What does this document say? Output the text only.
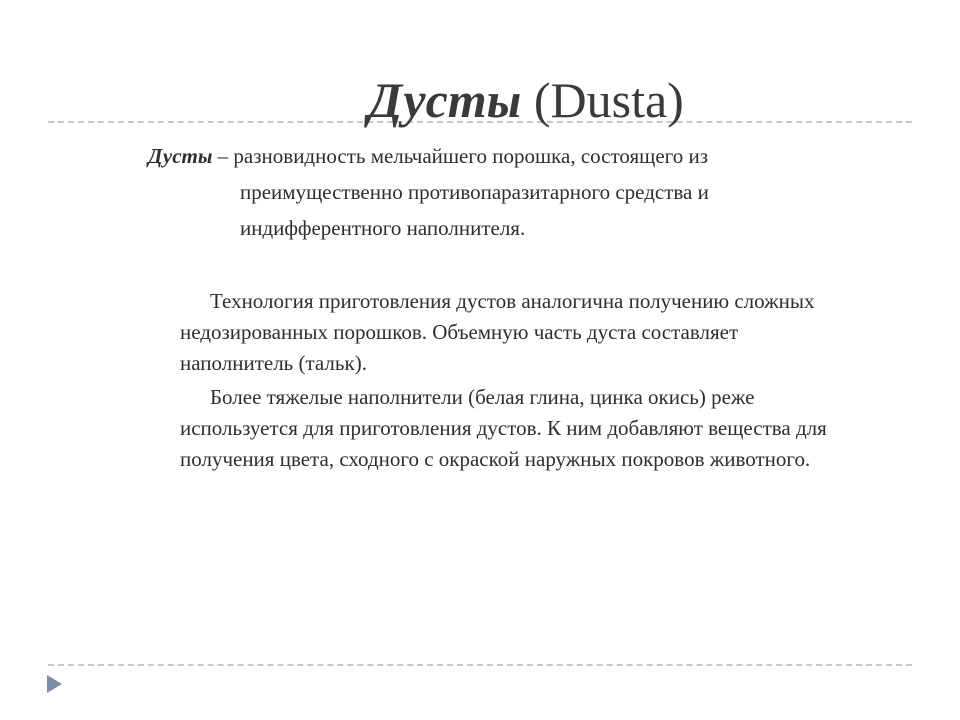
Дусты (Dusta)
Дусты – разновидность мельчайшего порошка, состоящего из
преимущественно противопаразитарного средства и
индифферентного наполнителя.
Технология приготовления дустов аналогична получению сложных
недозированных порошков. Объемную часть дуста составляет
наполнитель (тальк).
Более тяжелые наполнители (белая глина, цинка окись) реже
используется для приготовления дустов. К ним добавляют вещества для
получения цвета, сходного с окраской наружных покровов животного.
